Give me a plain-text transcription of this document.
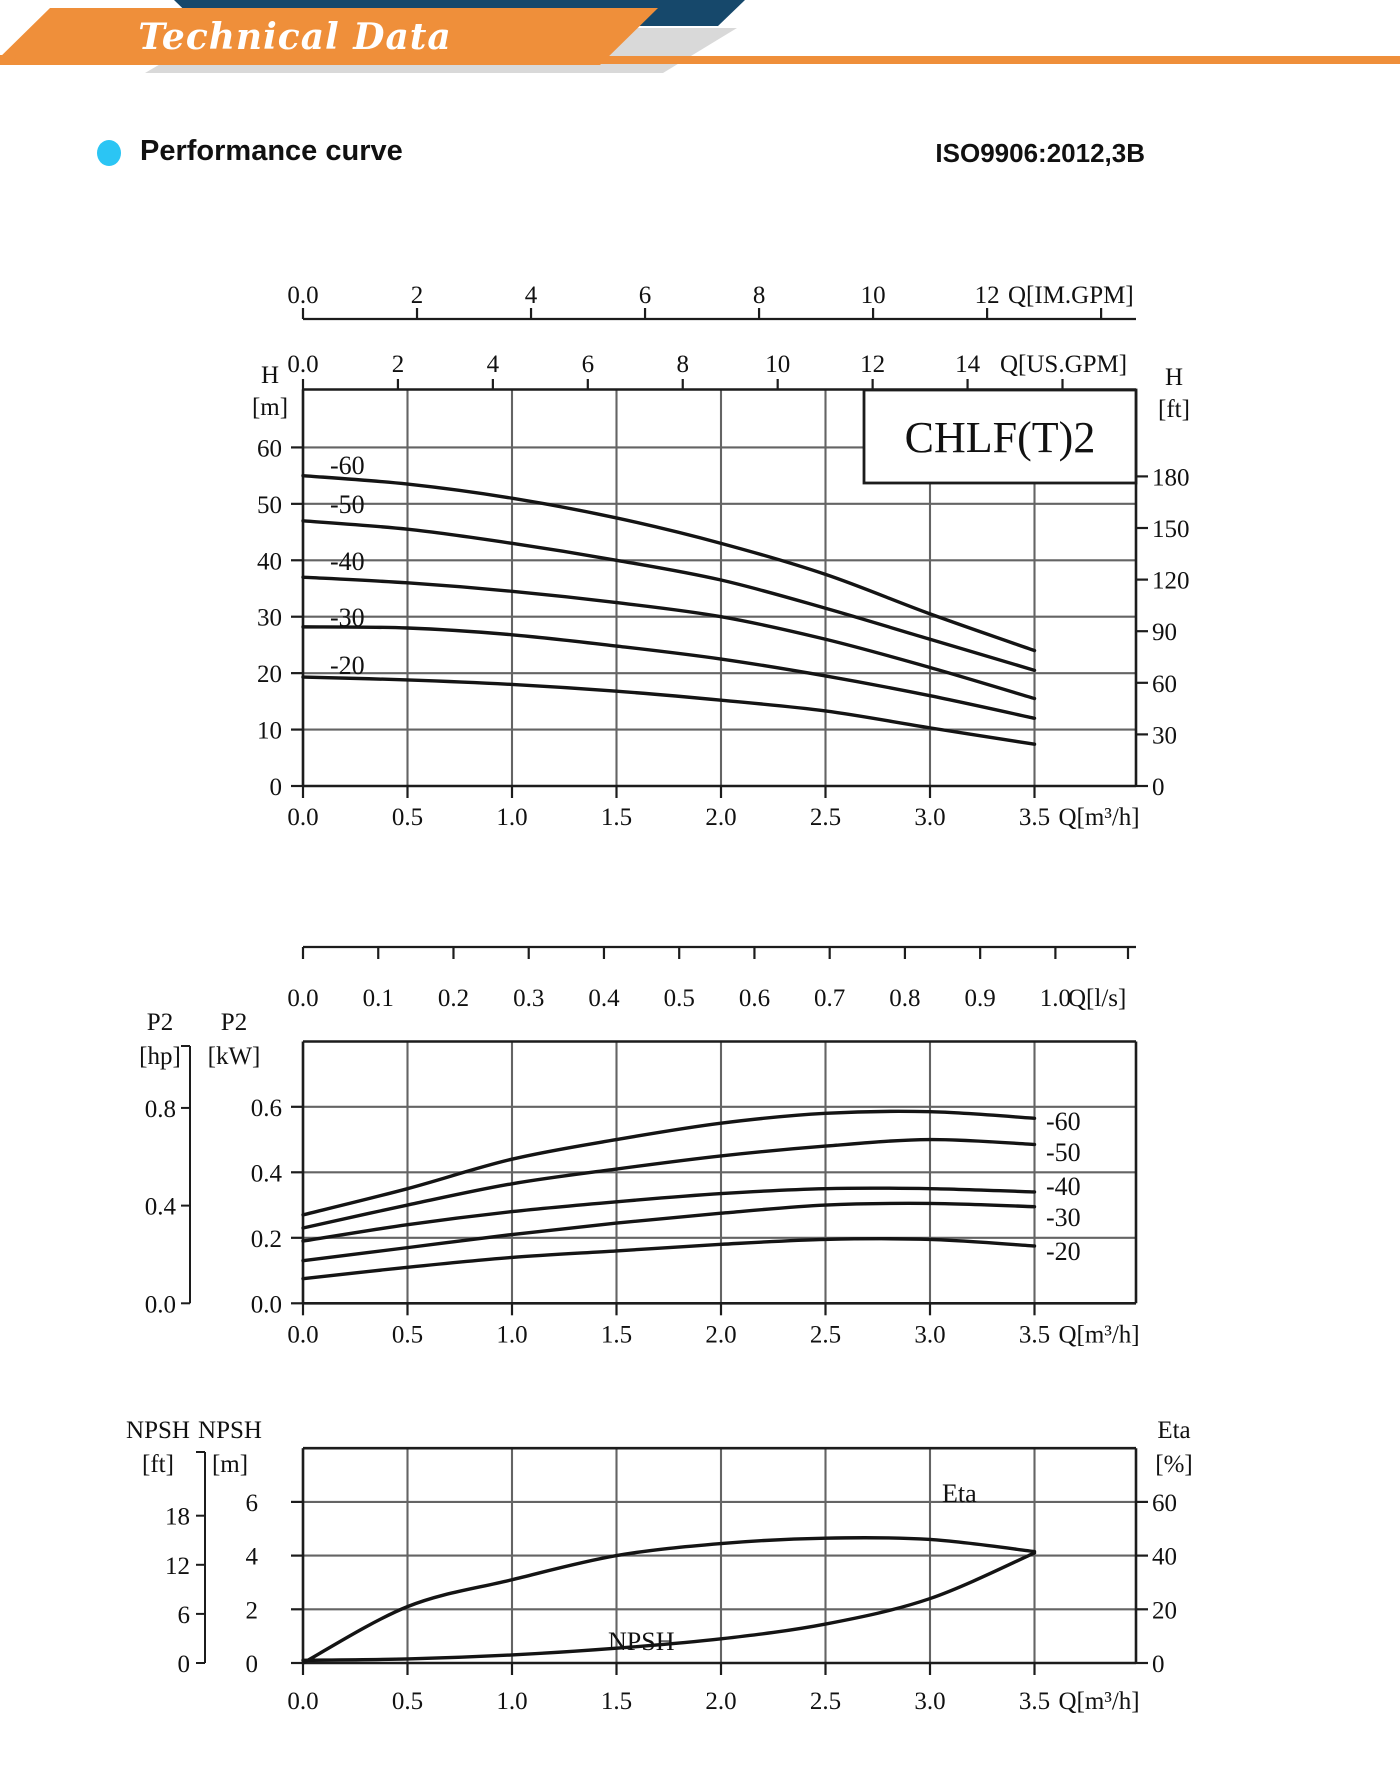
Technical Data
Performance curve	ISO9906:2012,3B
-60
-50
-40
-30
-20
0
10
20
30
40
50
60
0
30
60
90
120
150
180
H
[m]
H
[ft]
0.0	2	4	6	8	10	12 Q[IM.GPM]
0.0	2	4	6	8	10	12	14 Q[US.GPM]
0.0	0.5	1.0	1.5	2.0	2.5	3.0	3.5 Q[m³/h]
0.0 0.1 0.2 0.3 0.4 0.5 0.6 0.7 0.8 0.9 1.0
Q[l/s]
CHLF(T)2
-60
-50
-40
-30
-20
0.0
0.2
0.4
0.6
0.0
0.4
0.8
P2
[hp]
P2
[kW]
0.0	0.5	1.0	1.5	2.0	2.5	3.0	3.5 Q[m³/h]
Eta
NPSH
0
2
4
6
0
20
40
60
0
6
12
18
NPSH
[ft]
NPSH
[m]
Eta
[%]
0.0	0.5	1.0	1.5	2.0	2.5	3.0	3.5 Q[m³/h]
